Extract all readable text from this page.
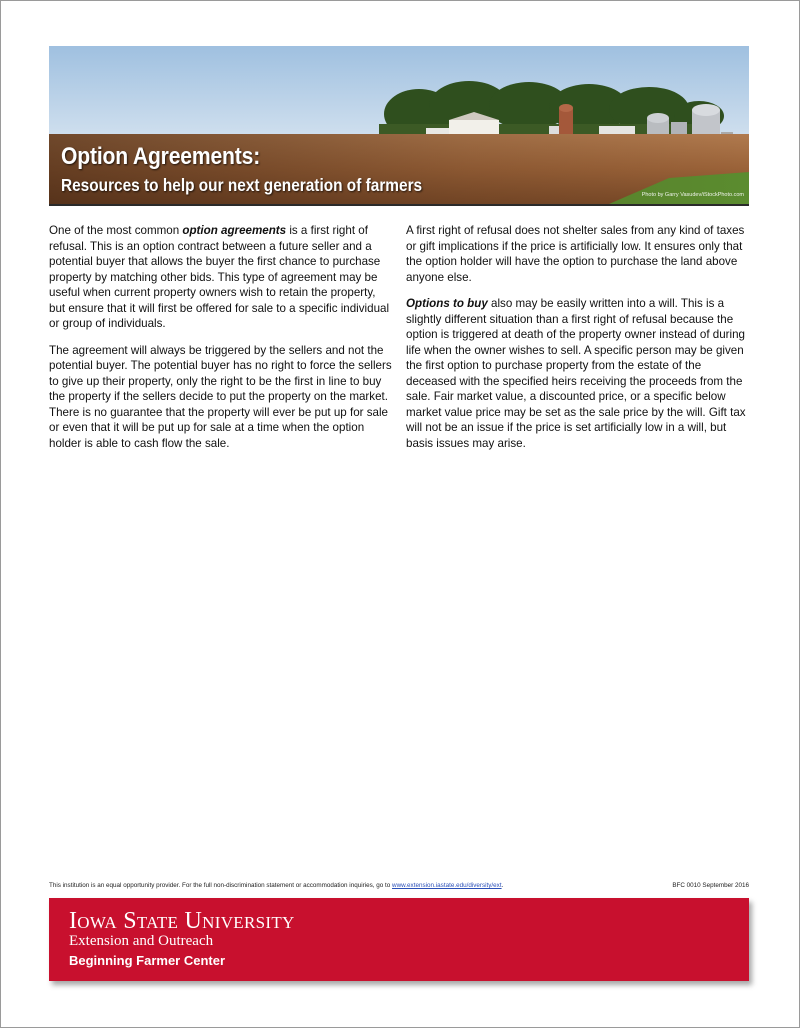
Option Agreements:
Resources to help our next generation of farmers	Photo by Garry Vasudev/iStockPhoto.com

One of the most common option agreements is a first right of refusal. This is an option contract between a future seller and a potential buyer that allows the buyer the first chance to purchase property by matching other bids. This type of agreement may be useful when current property owners wish to retain the property, but ensure that it will first be offered for sale to a specific individual or group of individuals.

The agreement will always be triggered by the sellers and not the potential buyer. The potential buyer has no right to force the sellers to give up their property, only the right to be the first in line to buy the property if the sellers decide to put the property on the market. There is no guarantee that the property will ever be put up for sale or even that it will be put up for sale at a time when the option holder is able to cash flow the sale.

A first right of refusal does not shelter sales from any kind of taxes or gift implications if the price is artificially low. It ensures only that the option holder will have the option to purchase the land above anyone else.

Options to buy also may be easily written into a will. This is a slightly different situation than a first right of refusal because the option is triggered at death of the property owner instead of during life when the owner wishes to sell. A specific person may be given the first option to purchase property from the estate of the deceased with the specified heirs receiving the proceeds from the sale. Fair market value, a discounted price, or a specific below market value price may be set as the sale price by the will. Gift tax will not be an issue if the price is set artificially low in a will, but basis issues may arise.

This institution is an equal opportunity provider. For the full non-discrimination statement or accommodation inquiries, go to www.extension.iastate.edu/diversity/ext.	BFC 0010 September 2016
Iowa State University
Extension and Outreach
Beginning Farmer Center
